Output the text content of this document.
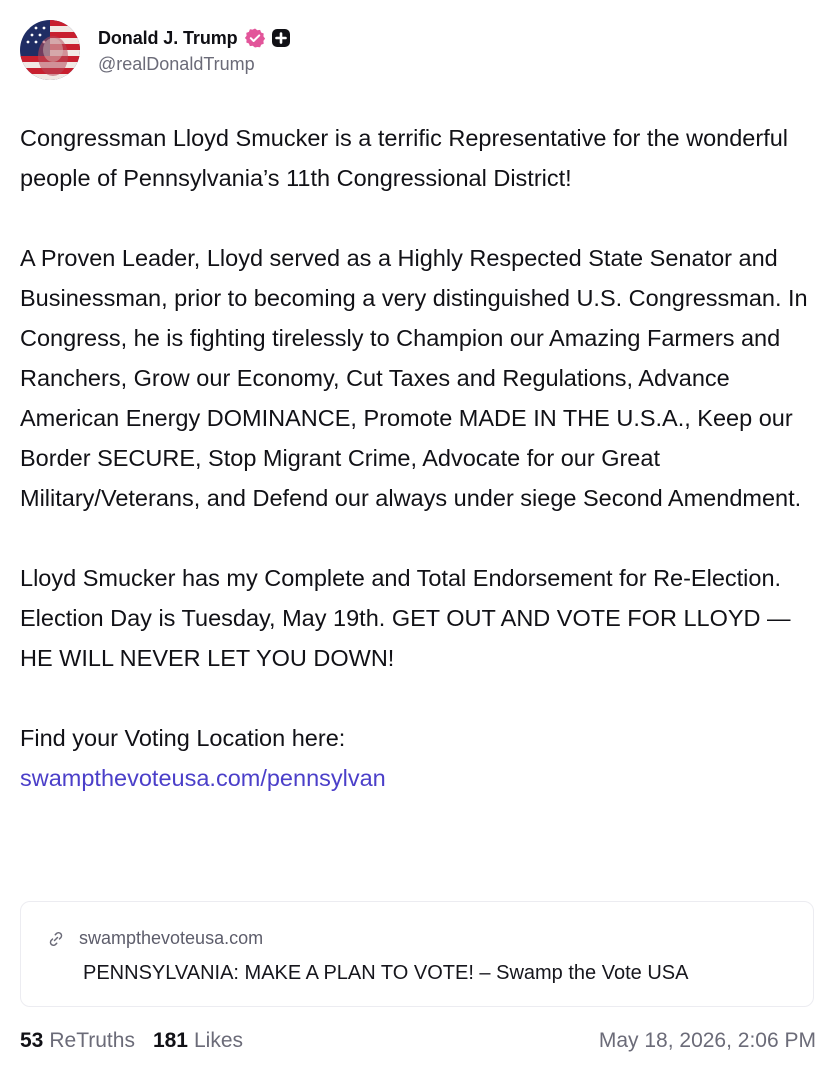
Donald J. Trump
@realDonaldTrump

Congressman Lloyd Smucker is a terrific Representative for the wonderful people of Pennsylvania’s 11th Congressional District!

A Proven Leader, Lloyd served as a Highly Respected State Senator and Businessman, prior to becoming a very distinguished U.S. Congressman. In Congress, he is fighting tirelessly to Champion our Amazing Farmers and Ranchers, Grow our Economy, Cut Taxes and Regulations, Advance American Energy DOMINANCE, Promote MADE IN THE U.S.A., Keep our Border SECURE, Stop Migrant Crime, Advocate for our Great Military/Veterans, and Defend our always under siege Second Amendment.

Lloyd Smucker has my Complete and Total Endorsement for Re-Election. Election Day is Tuesday, May 19th. GET OUT AND VOTE FOR LLOYD — HE WILL NEVER LET YOU DOWN!

Find your Voting Location here:

swampthevoteusa.com/pennsylvan
swampthevoteusa.com
PENNSYLVANIA: MAKE A PLAN TO VOTE! – Swamp the Vote USA
53 ReTruths 181 Likes	May 18, 2026, 2:06 PM
